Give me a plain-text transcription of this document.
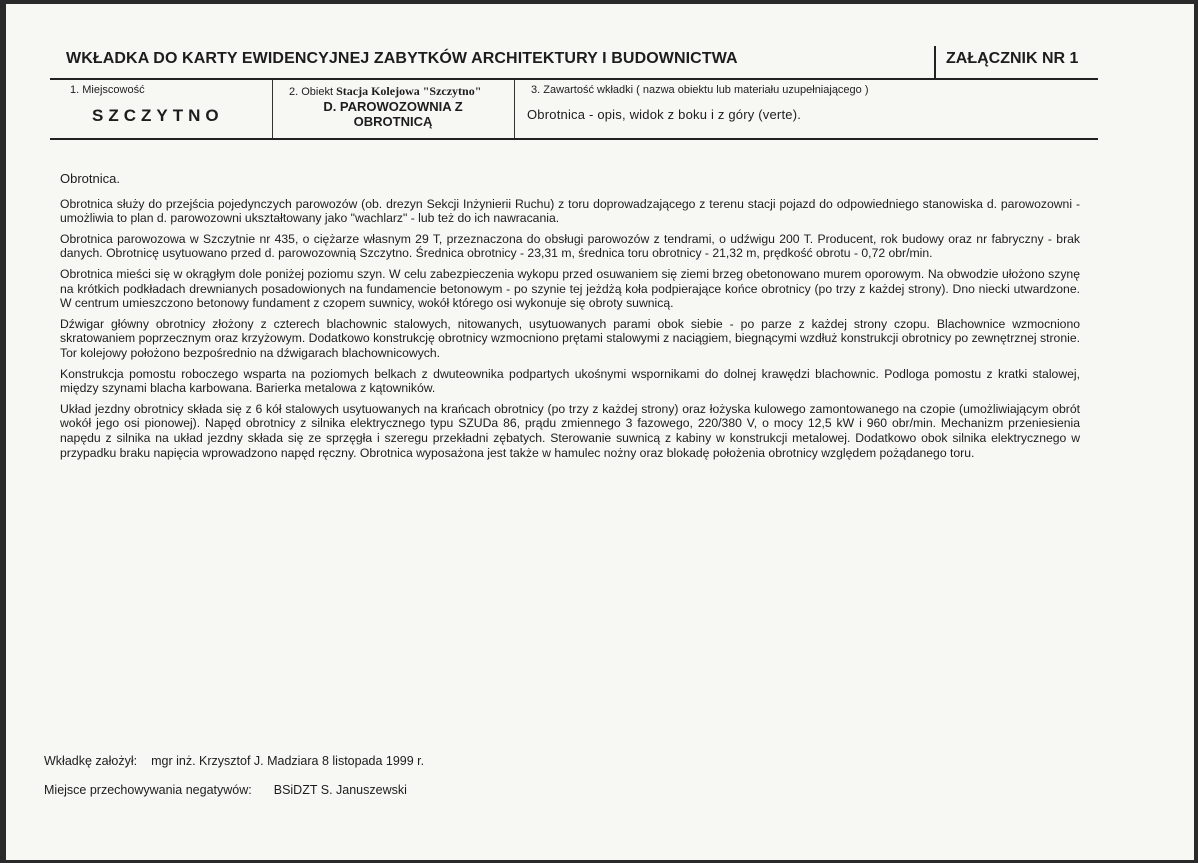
WKŁADKA DO KARTY EWIDENCYJNEJ ZABYTKÓW ARCHITEKTURY I BUDOWNICTWA	ZAŁĄCZNIK NR 1
1. Miejscowość
SZCZYTNO
2. Obiekt Stacja Kolejowa "Szczytno"
D. PAROWOZOWNIA Z OBROTNICĄ
3. Zawartość wkładki ( nazwa obiektu lub materiału uzupełniającego )
Obrotnica - opis, widok z boku i z góry (verte).

Obrotnica.

Obrotnica służy do przejścia pojedynczych parowozów (ob. drezyn Sekcji Inżynierii Ruchu) z toru doprowadzającego z terenu stacji pojazd do odpowiedniego stanowiska d. parowozowni - umożliwia to plan d. parowozowni ukształtowany jako "wachlarz" - lub też do ich nawracania.

Obrotnica parowozowa w Szczytnie nr 435, o ciężarze własnym 29 T, przeznaczona do obsługi parowozów z tendrami, o udźwigu 200 T. Producent, rok budowy oraz nr fabryczny - brak danych. Obrotnicę usytuowano przed d. parowozownią Szczytno. Średnica obrotnicy - 23,31 m, średnica toru obrotnicy - 21,32 m, prędkość obrotu - 0,72 obr/min.

Obrotnica mieści się w okrągłym dole poniżej poziomu szyn. W celu zabezpieczenia wykopu przed osuwaniem się ziemi brzeg obetonowano murem oporowym. Na obwodzie ułożono szynę na krótkich podkładach drewnianych posadowionych na fundamencie betonowym - po szynie tej jeżdżą koła podpierające końce obrotnicy (po trzy z każdej strony). Dno niecki utwardzone. W centrum umieszczono betonowy fundament z czopem suwnicy, wokół którego osi wykonuje się obroty suwnicą.

Dźwigar główny obrotnicy złożony z czterech blachownic stalowych, nitowanych, usytuowanych parami obok siebie - po parze z każdej strony czopu. Blachownice wzmocniono skratowaniem poprzecznym oraz krzyżowym. Dodatkowo konstrukcję obrotnicy wzmocniono prętami stalowymi z naciągiem, biegnącymi wzdłuż konstrukcji obrotnicy po zewnętrznej stronie. Tor kolejowy położono bezpośrednio na dźwigarach blachownicowych.

Konstrukcja pomostu roboczego wsparta na poziomych belkach z dwuteownika podpartych ukośnymi wspornikami do dolnej krawędzi blachownic. Podloga pomostu z kratki stalowej, między szynami blacha karbowana. Barierka metalowa z kątowników.

Układ jezdny obrotnicy składa się z 6 kół stalowych usytuowanych na krańcach obrotnicy (po trzy z każdej strony) oraz łożyska kulowego zamontowanego na czopie (umożliwiającym obrót wokół jego osi pionowej). Napęd obrotnicy z silnika elektrycznego typu SZUDa 86, prądu zmiennego 3 fazowego, 220/380 V, o mocy 12,5 kW i 960 obr/min. Mechanizm przeniesienia napędu z silnika na układ jezdny składa się ze sprzęgła i szeregu przekładni zębatych. Sterowanie suwnicą z kabiny w konstrukcji metalowej. Dodatkowo obok silnika elektrycznego w przypadku braku napięcia wprowadzono napęd ręczny. Obrotnica wyposażona jest także w hamulec nożny oraz blokadę położenia obrotnicy względem pożądanego toru.

Wkładkę założył: mgr inż. Krzysztof J. Madziara 8 listopada 1999 r.
Miejsce przechowywania negatywów: BSiDZT S. Januszewski
